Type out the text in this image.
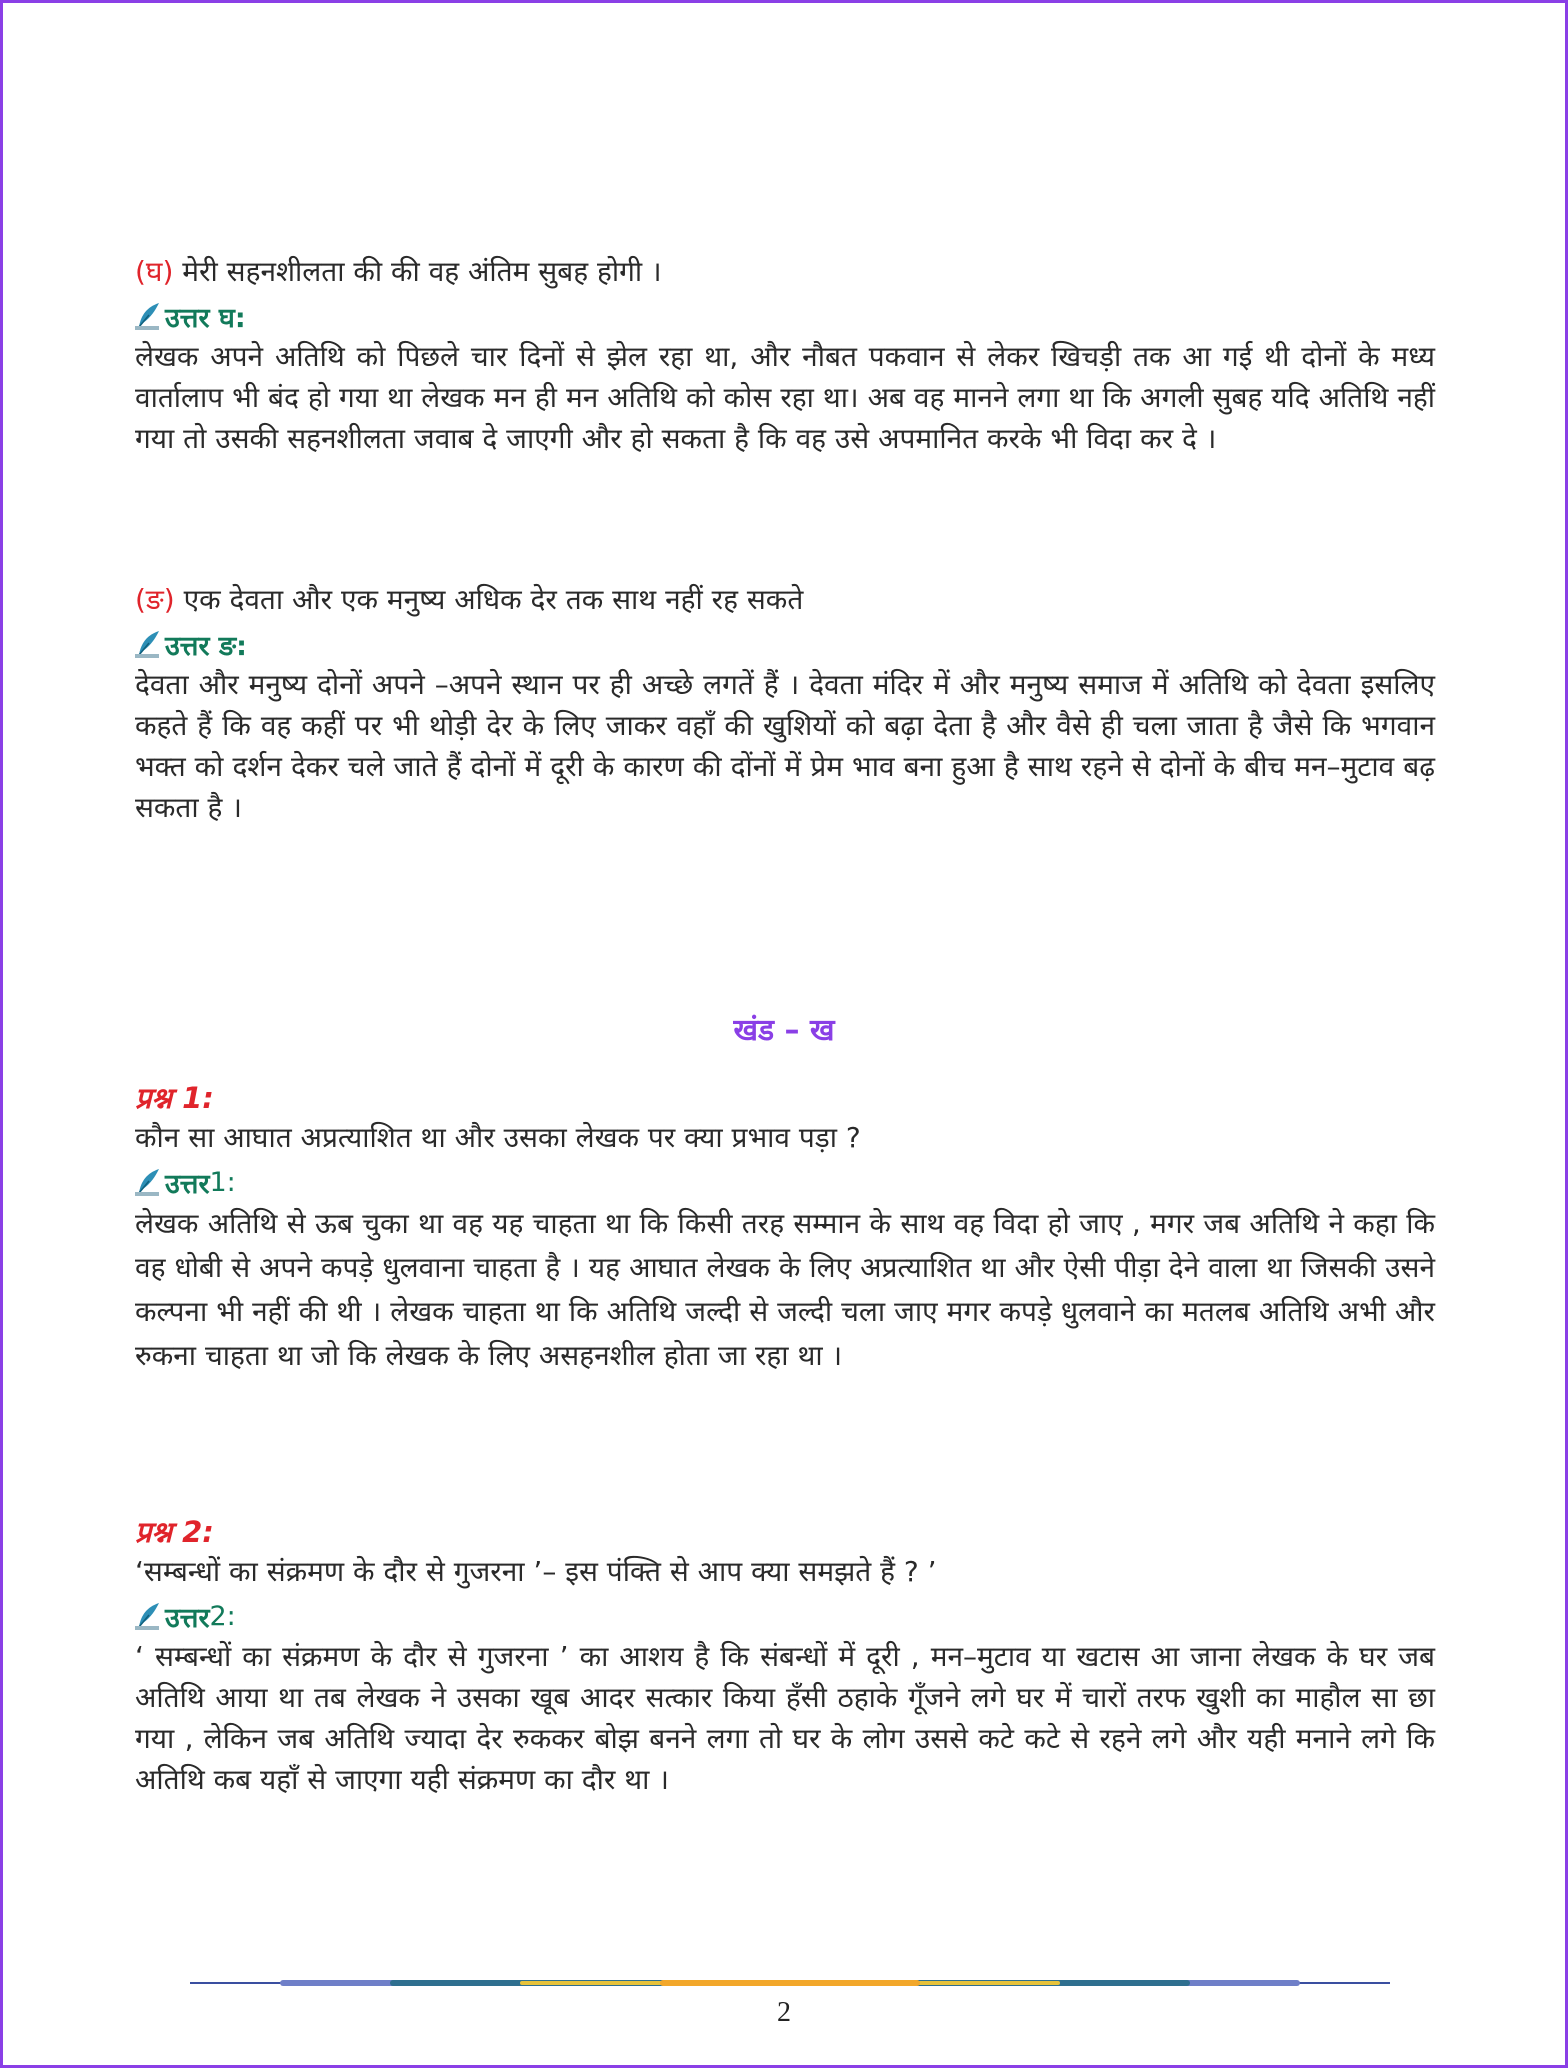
(घ) मेरी सहनशीलता की की वह अंतिम सुबह होगी ।

उत्तर घ:

लेखक अपने अतिथि को पिछले चार दिनों से झेल रहा था, और नौबत पकवान से लेकर खिचड़ी तक आ गई थी दोनों के मध्य वार्तालाप भी बंद हो गया था लेखक मन ही मन अतिथि को कोस रहा था। अब वह मानने लगा था कि अगली सुबह यदि अतिथि नहीं गया तो उसकी सहनशीलता जवाब दे जाएगी और हो सकता है कि वह उसे अपमानित करके भी विदा कर दे ।

(ङ) एक देवता और एक मनुष्य अधिक देर तक साथ नहीं रह सकते

उत्तर ङ:

देवता और मनुष्य दोनों अपने –अपने स्थान पर ही अच्छे लगतें हैं । देवता मंदिर में और मनुष्य समाज में अतिथि को देवता इसलिए कहते हैं कि वह कहीं पर भी थोड़ी देर के लिए जाकर वहाँ की खुशियों को बढ़ा देता है और वैसे ही चला जाता है जैसे कि भगवान भक्त को दर्शन देकर चले जाते हैं दोनों में दूरी के कारण की दोंनों में प्रेम भाव बना हुआ है साथ रहने से दोनों के बीच मन–मुटाव बढ़ सकता है ।

खंड – ख

प्रश्न 1:

कौन सा आघात अप्रत्याशित था और उसका लेखक पर क्या प्रभाव पड़ा ?

उत्तर 1:

लेखक अतिथि से ऊब चुका था वह यह चाहता था कि किसी तरह सम्मान के साथ वह विदा हो जाए , मगर जब अतिथि ने कहा कि वह धोबी से अपने कपड़े धुलवाना चाहता है । यह आघात लेखक के लिए अप्रत्याशित था और ऐसी पीड़ा देने वाला था जिसकी उसने कल्पना भी नहीं की थी । लेखक चाहता था कि अतिथि जल्दी से जल्दी चला जाए मगर कपड़े धुलवाने का मतलब अतिथि अभी और रुकना चाहता था जो कि लेखक के लिए असहनशील होता जा रहा था ।

प्रश्न 2:

‘सम्बन्धों का संक्रमण के दौर से गुजरना ’– इस पंक्ति से आप क्या समझते हैं ? ’

उत्तर 2:

‘ सम्बन्धों का संक्रमण के दौर से गुजरना ’ का आशय है कि संबन्धों में दूरी , मन–मुटाव या खटास आ जाना लेखक के घर जब अतिथि आया था तब लेखक ने उसका खूब आदर सत्कार किया हँसी ठहाके गूँजने लगे घर में चारों तरफ खुशी का माहौल सा छा गया , लेकिन जब अतिथि ज्यादा देर रुककर बोझ बनने लगा तो घर के लोग उससे कटे कटे से रहने लगे और यही मनाने लगे कि अतिथि कब यहाँ से जाएगा यही संक्रमण का दौर था ।

2
